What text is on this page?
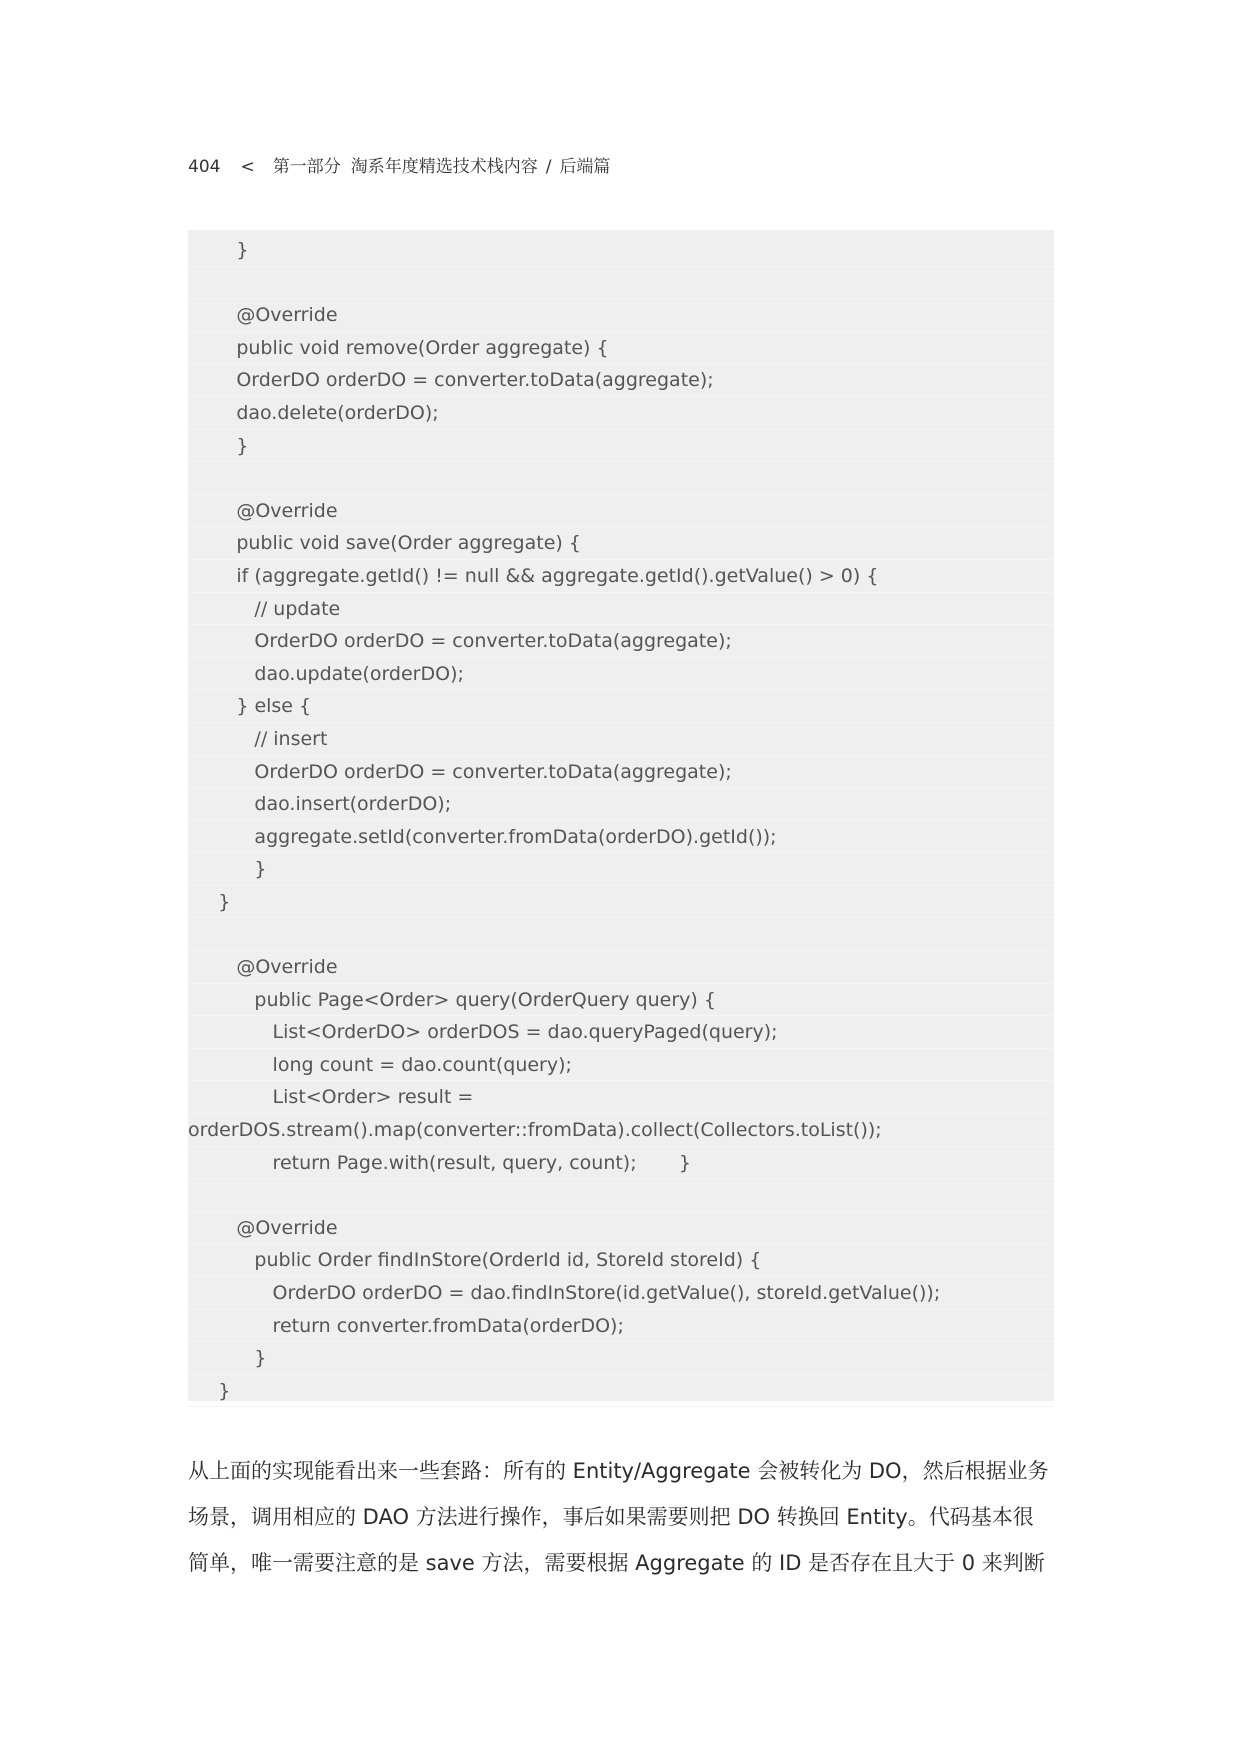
404 < 第一部分 淘系年度精选技术栈内容 / 后端篇
}
@Override
public void remove(Order aggregate) {
OrderDO orderDO = converter.toData(aggregate);
dao.delete(orderDO);
}
@Override
public void save(Order aggregate) {
if (aggregate.getId() != null && aggregate.getId().getValue() > 0) {
// update
OrderDO orderDO = converter.toData(aggregate);
dao.update(orderDO);
} else {
// insert
OrderDO orderDO = converter.toData(aggregate);
dao.insert(orderDO);
aggregate.setId(converter.fromData(orderDO).getId());
}
}
@Override
public Page<Order> query(OrderQuery query) {
List<OrderDO> orderDOS = dao.queryPaged(query);
long count = dao.count(query);
List<Order> result =
orderDOS.stream().map(converter::fromData).collect(Collectors.toList());
return Page.with(result, query, count);       }
@Override
public Order findInStore(OrderId id, StoreId storeId) {
OrderDO orderDO = dao.findInStore(id.getValue(), storeId.getValue());
return converter.fromData(orderDO);
}
}

从上面的实现能看出来一些套路：所有的 Entity/Aggregate 会被转化为 DO，然后根据业务场景，调用相应的 DAO 方法进行操作，事后如果需要则把 DO 转换回 Entity。代码基本很简单，唯一需要注意的是 save 方法，需要根据 Aggregate 的 ID 是否存在且大于 0 来判断
